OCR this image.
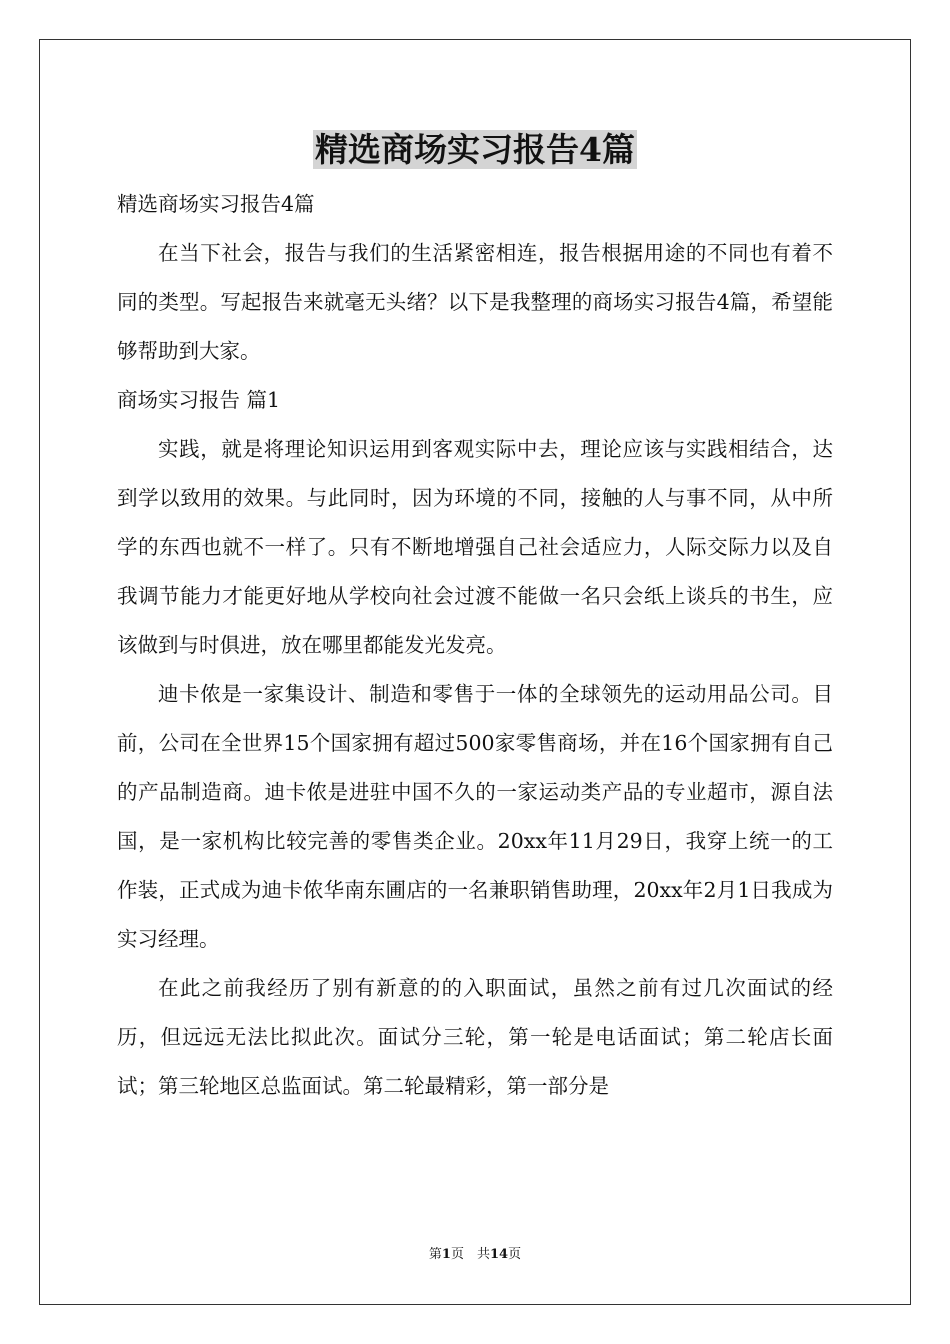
精选商场实习报告4篇

精选商场实习报告4篇

在当下社会，报告与我们的生活紧密相连，报告根据用途的不同也有着不同的类型。写起报告来就毫无头绪？以下是我整理的商场实习报告4篇，希望能够帮助到大家。

商场实习报告 篇1

实践，就是将理论知识运用到客观实际中去，理论应该与实践相结合，达到学以致用的效果。与此同时，因为环境的不同，接触的人与事不同，从中所学的东西也就不一样了。只有不断地增强自己社会适应力，人际交际力以及自我调节能力才能更好地从学校向社会过渡不能做一名只会纸上谈兵的书生，应该做到与时俱进，放在哪里都能发光发亮。

迪卡侬是一家集设计、制造和零售于一体的全球领先的运动用品公司。目前，公司在全世界15个国家拥有超过500家零售商场，并在16个国家拥有自己的产品制造商。迪卡侬是进驻中国不久的一家运动类产品的专业超市，源自法国，是一家机构比较完善的零售类企业。20xx年11月29日，我穿上统一的工作装，正式成为迪卡侬华南东圃店的一名兼职销售助理，20xx年2月1日我成为实习经理。

在此之前我经历了别有新意的的入职面试，虽然之前有过几次面试的经历，但远远无法比拟此次。面试分三轮，第一轮是电话面试；第二轮店长面试；第三轮地区总监面试。第二轮最精彩，第一部分是

第1页　共14页
